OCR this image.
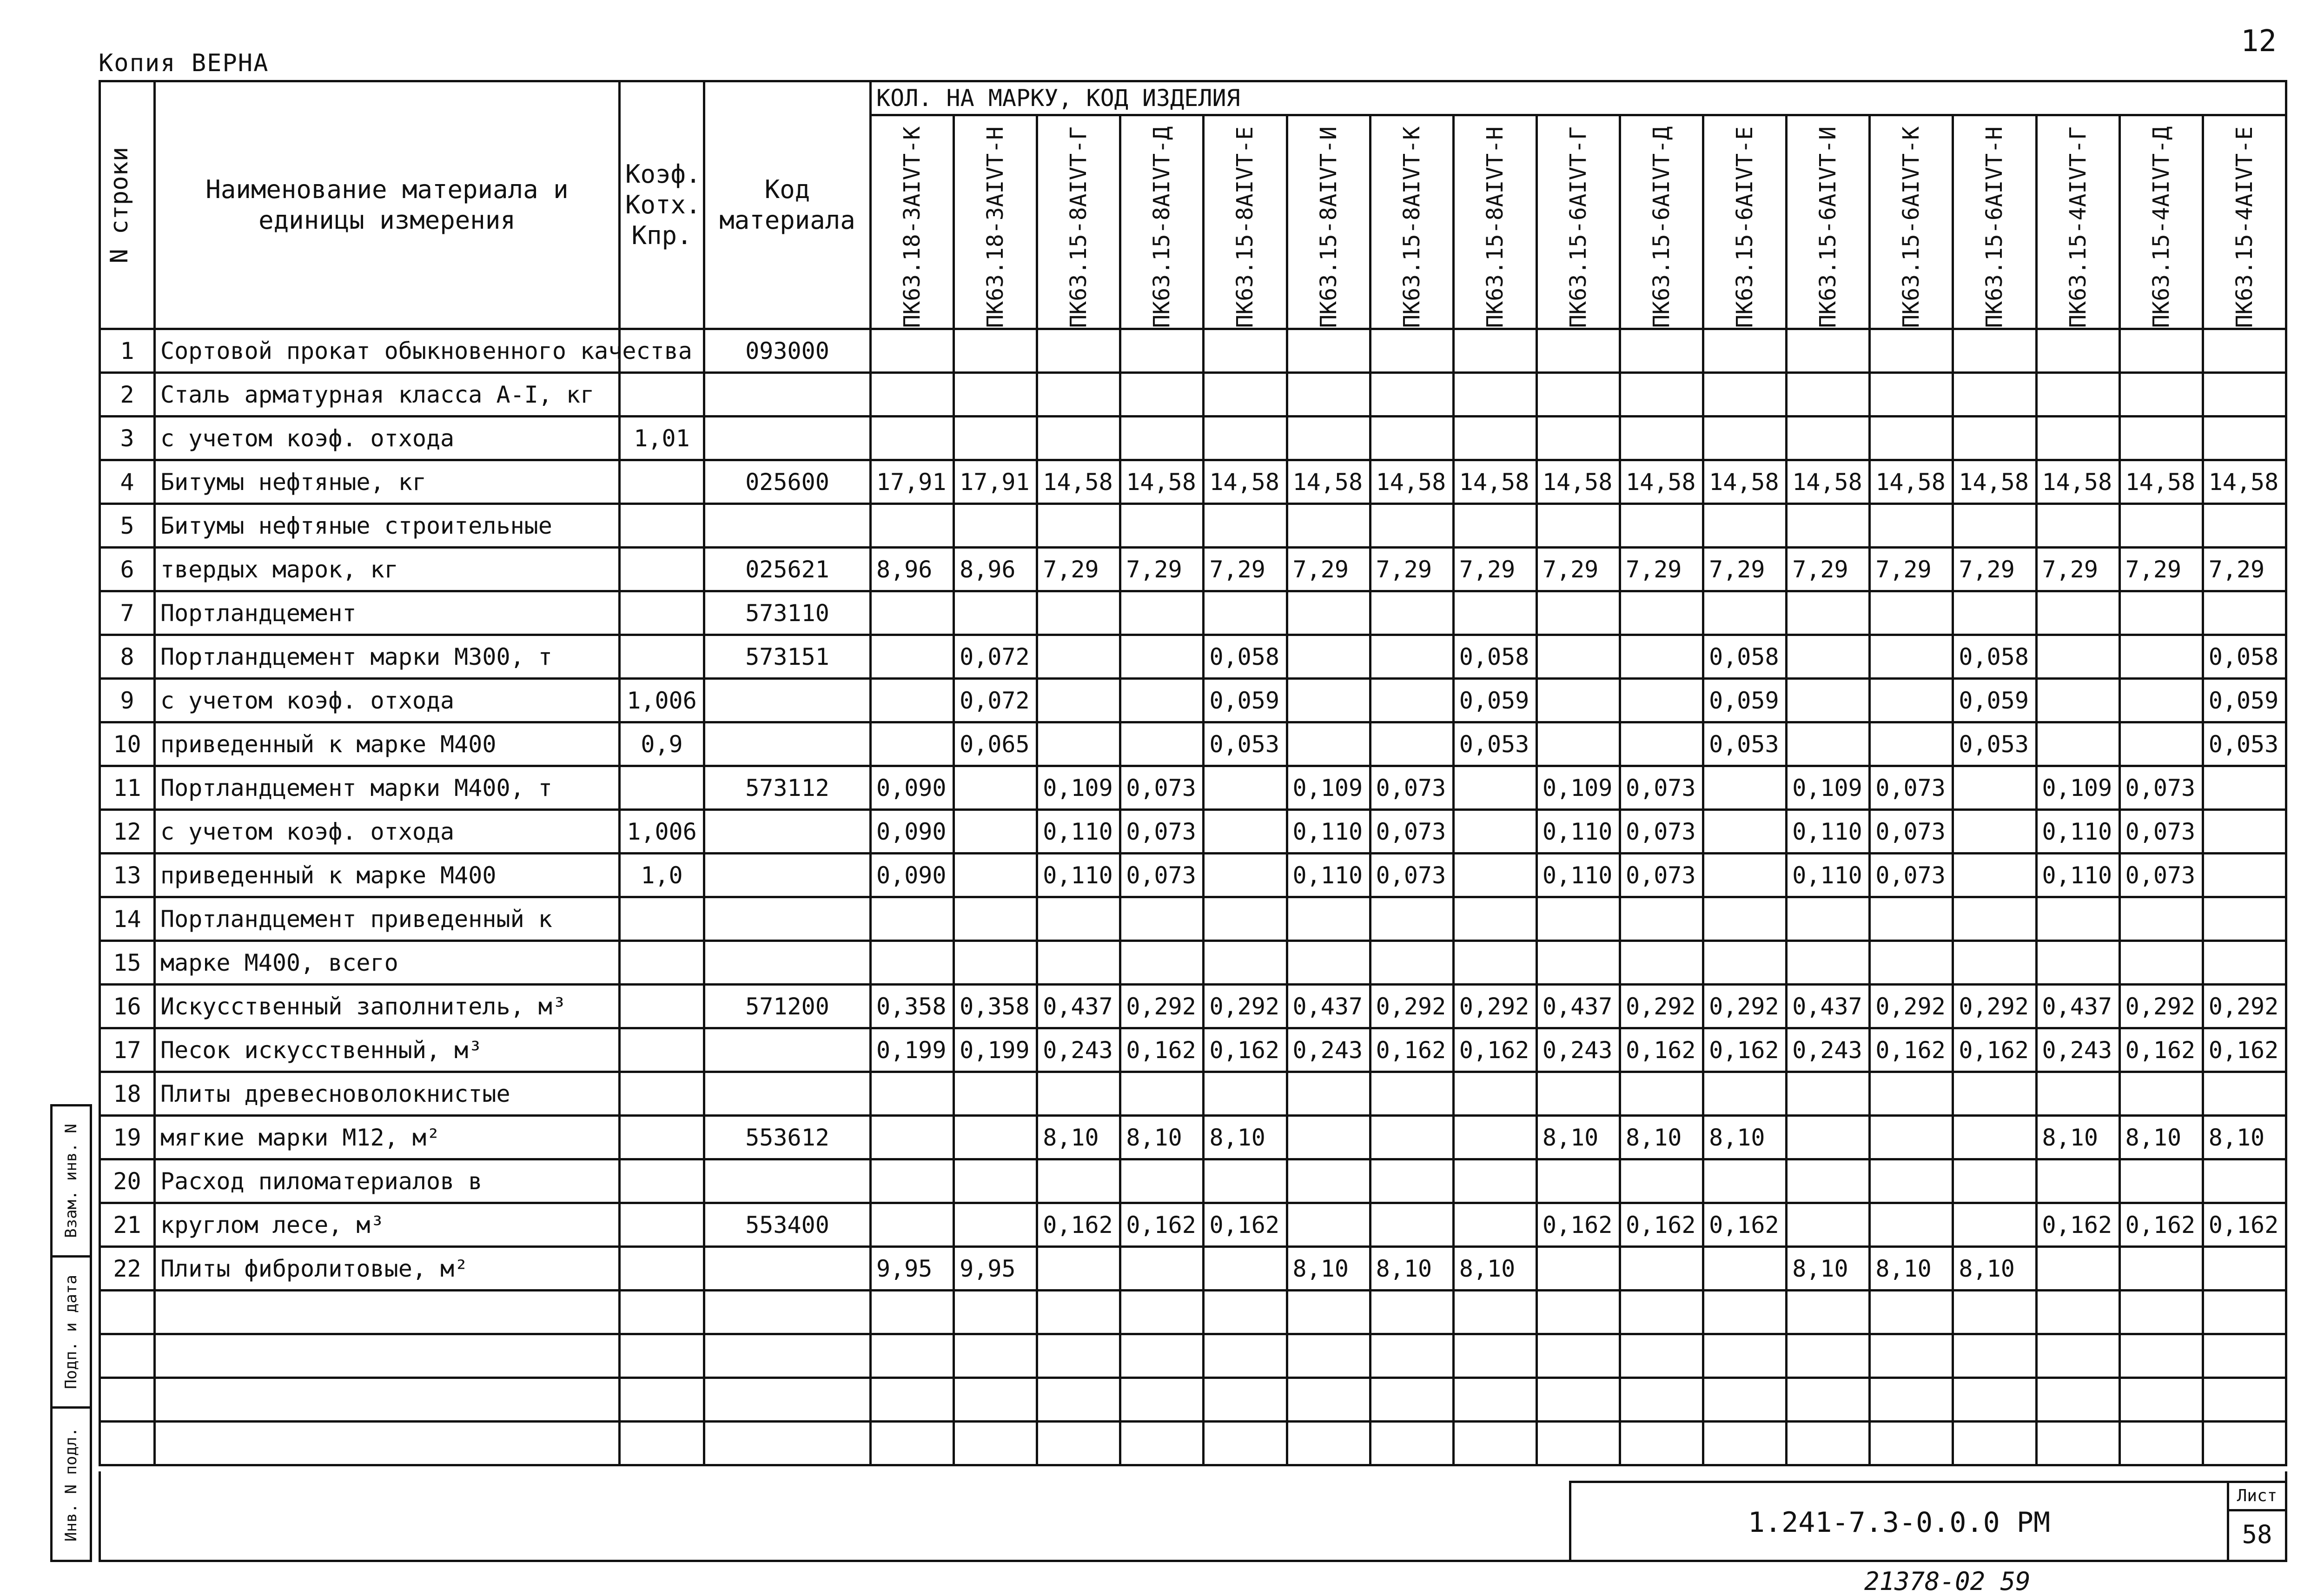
Копия ВЕРНА
12
N строки	Наименование материала и единицы измерения	Коэф. Котх. Кпр.	Код материала	КОЛ. НА МАРКУ, КОД ИЗДЕЛИЯ																

				ПК63.18-3АIVТ-К	ПК63.18-3АIVТ-Н	ПК63.15-8АIVТ-Г	ПК63.15-8АIVТ-Д	ПК63.15-8АIVТ-Е	ПК63.15-8АIVТ-И	ПК63.15-8АIVТ-К	ПК63.15-8АIVТ-Н	ПК63.15-6АIVТ-Г	ПК63.15-6АIVТ-Д	ПК63.15-6АIVТ-Е	ПК63.15-6АIVТ-И	ПК63.15-6АIVТ-К	ПК63.15-6АIVТ-Н	ПК63.15-4АIVТ-Г	ПК63.15-4АIVТ-Д	ПК63.15-4АIVТ-Е

1	Сортовой прокат обыкновенного качества		093000																	
2	Сталь арматурная класса А-I, кг																			
3	с учетом коэф. отхода	1,01																		
4	Битумы нефтяные, кг		025600	17,91	17,91	14,58	14,58	14,58	14,58	14,58	14,58	14,58	14,58	14,58	14,58	14,58	14,58	14,58	14,58	14,58
5	Битумы нефтяные строительные																			
6	твердых марок, кг		025621	8,96	8,96	7,29	7,29	7,29	7,29	7,29	7,29	7,29	7,29	7,29	7,29	7,29	7,29	7,29	7,29	7,29
7	Портландцемент		573110																	
8	Портландцемент марки М300, т		573151		0,072			0,058			0,058			0,058			0,058			0,058
9	с учетом коэф. отхода	1,006			0,072			0,059			0,059			0,059			0,059			0,059
10	приведенный к марке М400	0,9			0,065			0,053			0,053			0,053			0,053			0,053
11	Портландцемент марки М400, т		573112	0,090		0,109	0,073		0,109	0,073		0,109	0,073		0,109	0,073		0,109	0,073	
12	с учетом коэф. отхода	1,006		0,090		0,110	0,073		0,110	0,073		0,110	0,073		0,110	0,073		0,110	0,073	
13	приведенный к марке М400	1,0		0,090		0,110	0,073		0,110	0,073		0,110	0,073		0,110	0,073		0,110	0,073	
14	Портландцемент приведенный к																			
15	марке М400, всего																			
16	Искусственный заполнитель, м³		571200	0,358	0,358	0,437	0,292	0,292	0,437	0,292	0,292	0,437	0,292	0,292	0,437	0,292	0,292	0,437	0,292	0,292
17	Песок искусственный, м³			0,199	0,199	0,243	0,162	0,162	0,243	0,162	0,162	0,243	0,162	0,162	0,243	0,162	0,162	0,243	0,162	0,162
18	Плиты древесноволокнистые																			
19	мягкие марки М12, м²		553612			8,10	8,10	8,10				8,10	8,10	8,10				8,10	8,10	8,10
20	Расход пиломатериалов в																			
21	круглом лесе, м³		553400			0,162	0,162	0,162				0,162	0,162	0,162				0,162	0,162	0,162
22	Плиты фибролитовые, м²			9,95	9,95				8,10	8,10	8,10				8,10	8,10	8,10			

Взам. инв. N
Подп. и дата
Инв. N подл.	1.241-7.3-0.0.0 РМ
Лист
58
21378-02 59
